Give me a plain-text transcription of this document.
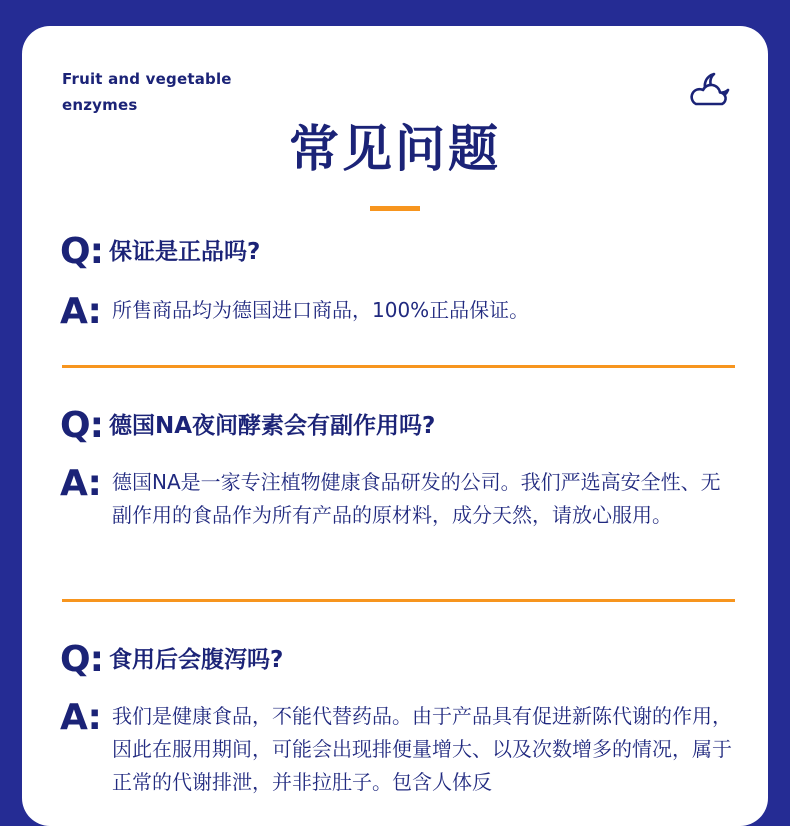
Fruit and vegetable
enzymes
常见问题
Q: 保证是正品吗?
A: 所售商品均为德国进口商品，100%正品保证。
Q: 德国NA夜间酵素会有副作用吗?
A: 德国NA是一家专注植物健康食品研发的公司。我们严选高安全性、无副作用的食品作为所有产品的原材料，成分天然，请放心服用。
Q: 食用后会腹泻吗?
A: 我们是健康食品，不能代替药品。由于产品具有促进新陈代谢的作用，因此在服用期间，可能会出现排便量增大、以及次数增多的情况，属于正常的代谢排泄，并非拉肚子。包含人体反
